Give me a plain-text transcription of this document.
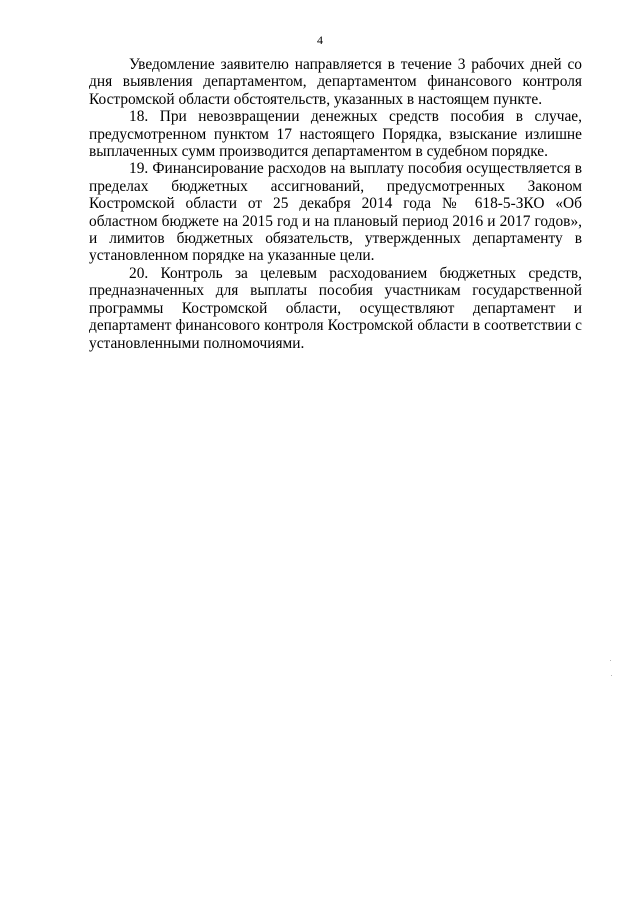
4

Уведомление заявителю направляется в течение 3 рабочих дней со дня выявления департаментом, департаментом финансового контроля Костромской области обстоятельств, указанных в настоящем пункте.

18. При невозвращении денежных средств пособия в случае, предусмотренном пунктом 17 настоящего Порядка, взыскание излишне выплаченных сумм производится департаментом в судебном порядке.

19. Финансирование расходов на выплату пособия осуществляется в пределах бюджетных ассигнований, предусмотренных Законом Костромской области от 25 декабря 2014 года № 618-5-ЗКО «Об областном бюджете на 2015 год и на плановый период 2016 и 2017 годов», и лимитов бюджетных обязательств, утвержденных департаменту в установленном порядке на указанные цели.

20. Контроль за целевым расходованием бюджетных средств, предназначенных для выплаты пособия участникам государственной программы Костромской области, осуществляют департамент и департамент финансового контроля Костромской области в соответствии с установленными полномочиями.
